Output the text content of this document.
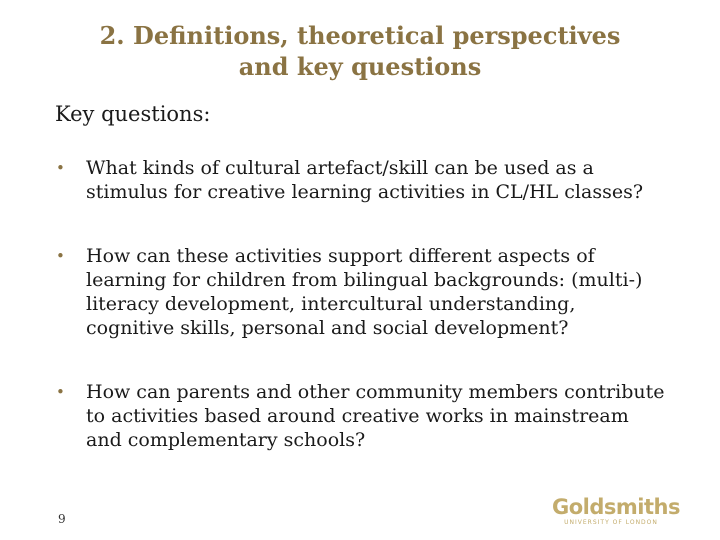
2. Definitions, theoretical perspectives
and key questions
Key questions:
• What kinds of cultural artefact/skill can be used as a stimulus for creative learning activities in CL/HL classes?
• How can these activities support different aspects of learning for children from bilingual backgrounds: (multi-) literacy development, intercultural understanding, cognitive skills, personal and social development?
• How can parents and other community members contribute to activities based around creative works in mainstream and complementary schools?
9	Goldsmiths
UNIVERSITY OF LONDON
